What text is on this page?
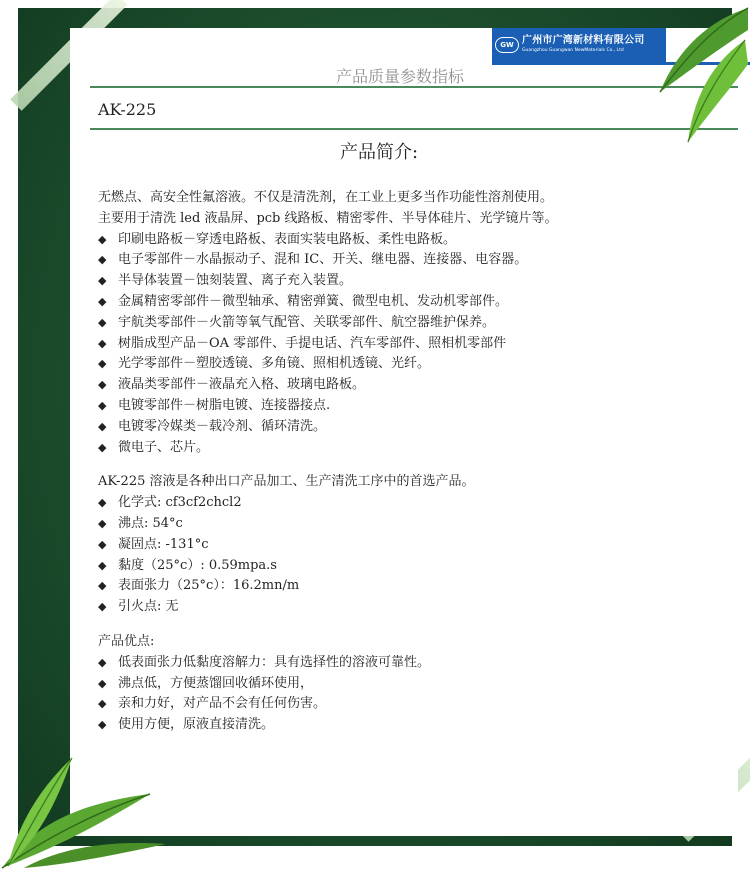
GW 广州市广湾新材料有限公司
Guangzhou Guangwan NewMaterials Co., Ltd
产品质量参数指标
AK-225
产品简介:
无燃点、高安全性氟溶液。不仅是清洗剂，在工业上更多当作功能性溶剂使用。
主要用于清洗 led 液晶屏、pcb 线路板、精密零件、半导体硅片、光学镜片等。
◆ 印刷电路板－穿透电路板、表面实装电路板、柔性电路板。
◆ 电子零部件－水晶振动子、混和 IC、开关、继电器、连接器、电容器。
◆ 半导体装置－蚀刻装置、离子充入装置。
◆ 金属精密零部件－微型轴承、精密弹簧、微型电机、发动机零部件。
◆ 宇航类零部件－火箭等氧气配管、关联零部件、航空器维护保养。
◆ 树脂成型产品－OA 零部件、手提电话、汽车零部件、照相机零部件
◆ 光学零部件－塑胶透镜、多角镜、照相机透镜、光纤。
◆ 液晶类零部件－液晶充入格、玻璃电路板。
◆ 电镀零部件－树脂电镀、连接器接点.
◆ 电镀零冷媒类－载冷剂、循环清洗。
◆ 微电子、芯片。
AK-225 溶液是各种出口产品加工、生产清洗工序中的首选产品。
◆ 化学式: cf3cf2chcl2
◆ 沸点: 54°c
◆ 凝固点: -131°c
◆ 黏度（25°c）: 0.59mpa.s
◆ 表面张力（25°c）：16.2mn/m
◆ 引火点: 无
产品优点:
◆ 低表面张力低黏度溶解力：具有选择性的溶液可靠性。
◆ 沸点低，方便蒸馏回收循环使用，
◆ 亲和力好，对产品不会有任何伤害。
◆ 使用方便，原液直接清洗。
